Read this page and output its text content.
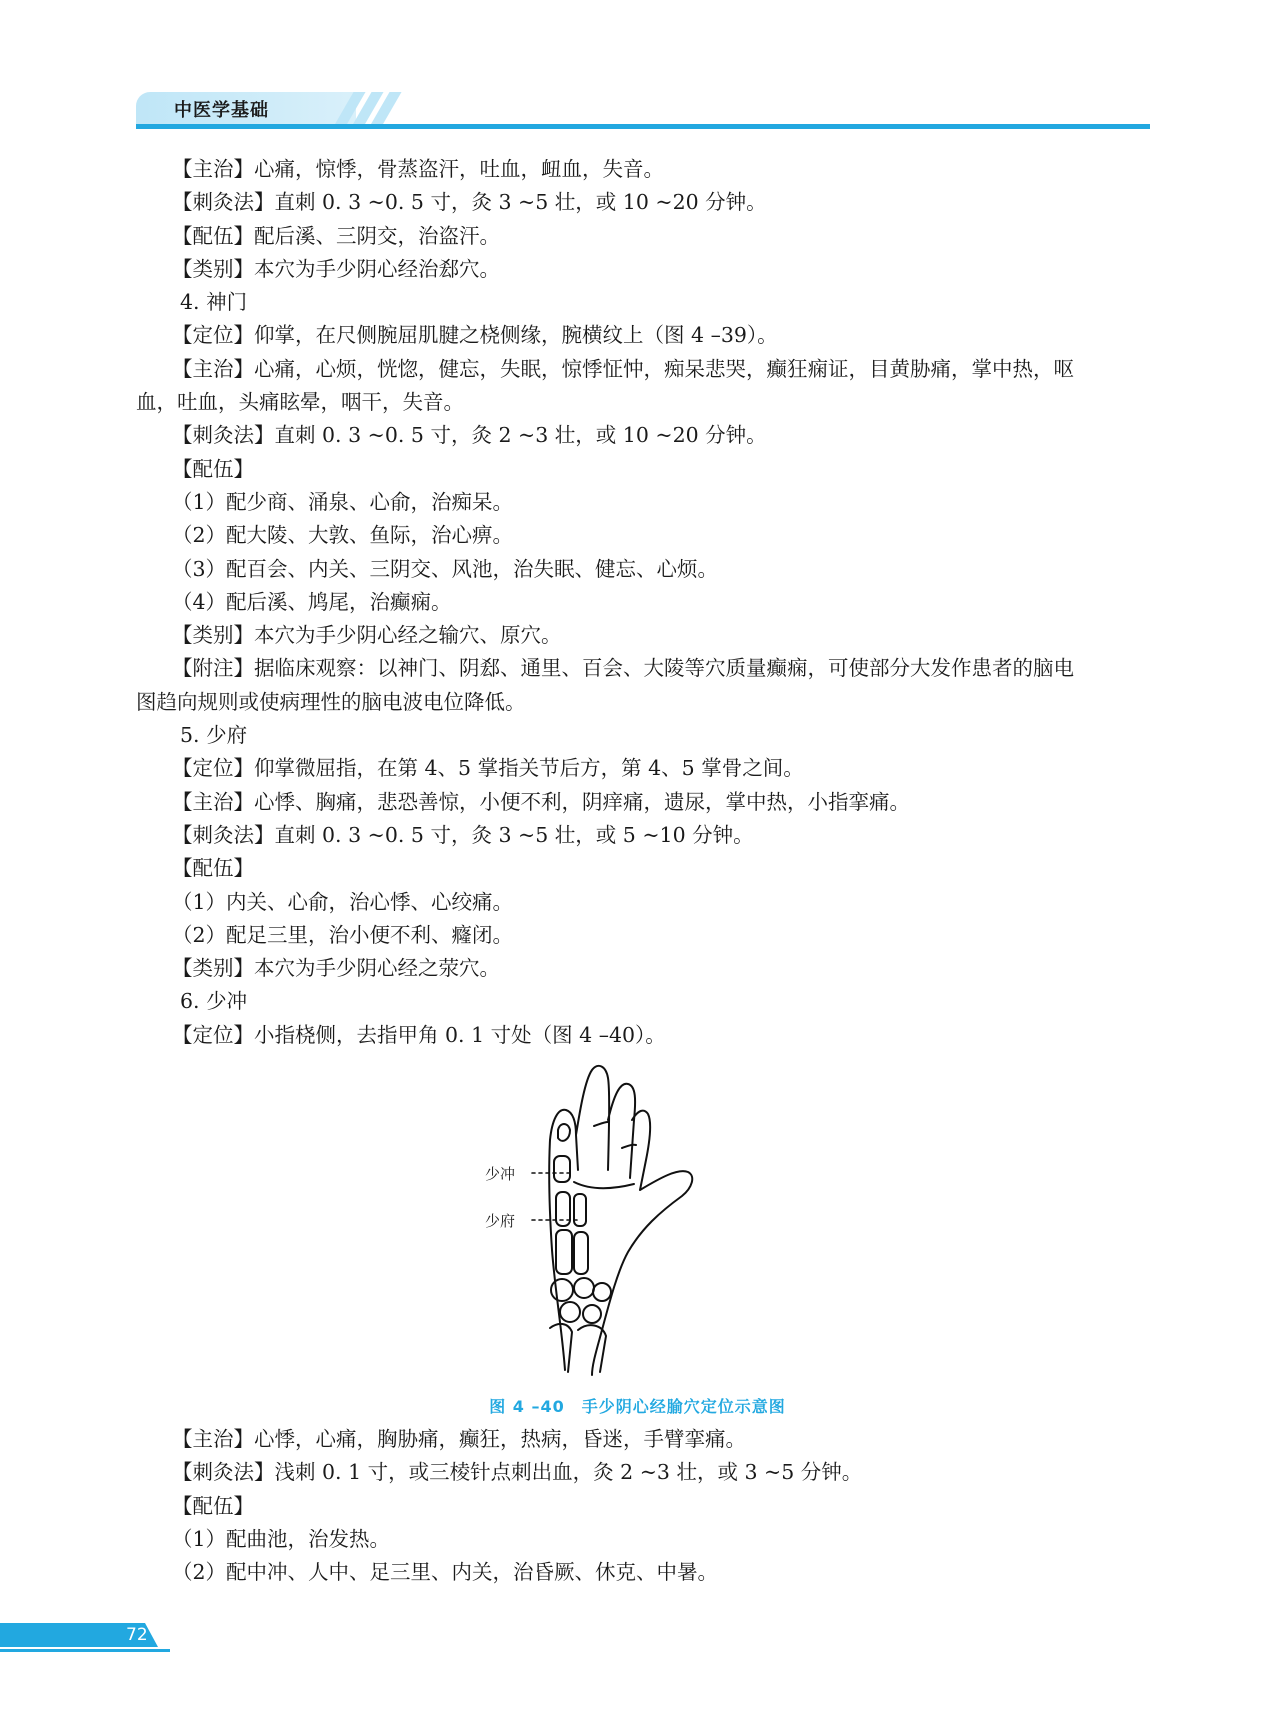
中医学基础
【主治】心痛，惊悸，骨蒸盗汗，吐血，衄血，失音。
【刺灸法】直刺 0. 3 ~0. 5 寸，灸 3 ~5 壮，或 10 ~20 分钟。
【配伍】配后溪、三阴交，治盗汗。
【类别】本穴为手少阴心经治郄穴。
4. 神门
【定位】仰掌，在尺侧腕屈肌腱之桡侧缘，腕横纹上（图 4 –39）。
【主治】心痛，心烦，恍惚，健忘，失眠，惊悸怔忡，痴呆悲哭，癫狂痫证，目黄胁痛，掌中热，呕
血，吐血，头痛眩晕，咽干，失音。
【刺灸法】直刺 0. 3 ~0. 5 寸，灸 2 ~3 壮，或 10 ~20 分钟。
【配伍】
（1）配少商、涌泉、心俞，治痴呆。
（2）配大陵、大敦、鱼际，治心痹。
（3）配百会、内关、三阴交、风池，治失眠、健忘、心烦。
（4）配后溪、鸠尾，治癫痫。
【类别】本穴为手少阴心经之输穴、原穴。
【附注】据临床观察：以神门、阴郄、通里、百会、大陵等穴质量癫痫，可使部分大发作患者的脑电
图趋向规则或使病理性的脑电波电位降低。
5. 少府
【定位】仰掌微屈指，在第 4、5 掌指关节后方，第 4、5 掌骨之间。
【主治】心悸、胸痛，悲恐善惊，小便不利，阴痒痛，遗尿，掌中热，小指挛痛。
【刺灸法】直刺 0. 3 ~0. 5 寸，灸 3 ~5 壮，或 5 ~10 分钟。
【配伍】
（1）内关、心俞，治心悸、心绞痛。
（2）配足三里，治小便不利、癃闭。
【类别】本穴为手少阴心经之荥穴。
6. 少冲
【定位】小指桡侧，去指甲角 0. 1 寸处（图 4 –40）。
少冲
少府
图 4 –40　手少阴心经腧穴定位示意图
【主治】心悸，心痛，胸胁痛，癫狂，热病，昏迷，手臂挛痛。
【刺灸法】浅刺 0. 1 寸，或三棱针点刺出血，灸 2 ~3 壮，或 3 ~5 分钟。
【配伍】
（1）配曲池，治发热。
（2）配中冲、人中、足三里、内关，治昏厥、休克、中暑。
72
